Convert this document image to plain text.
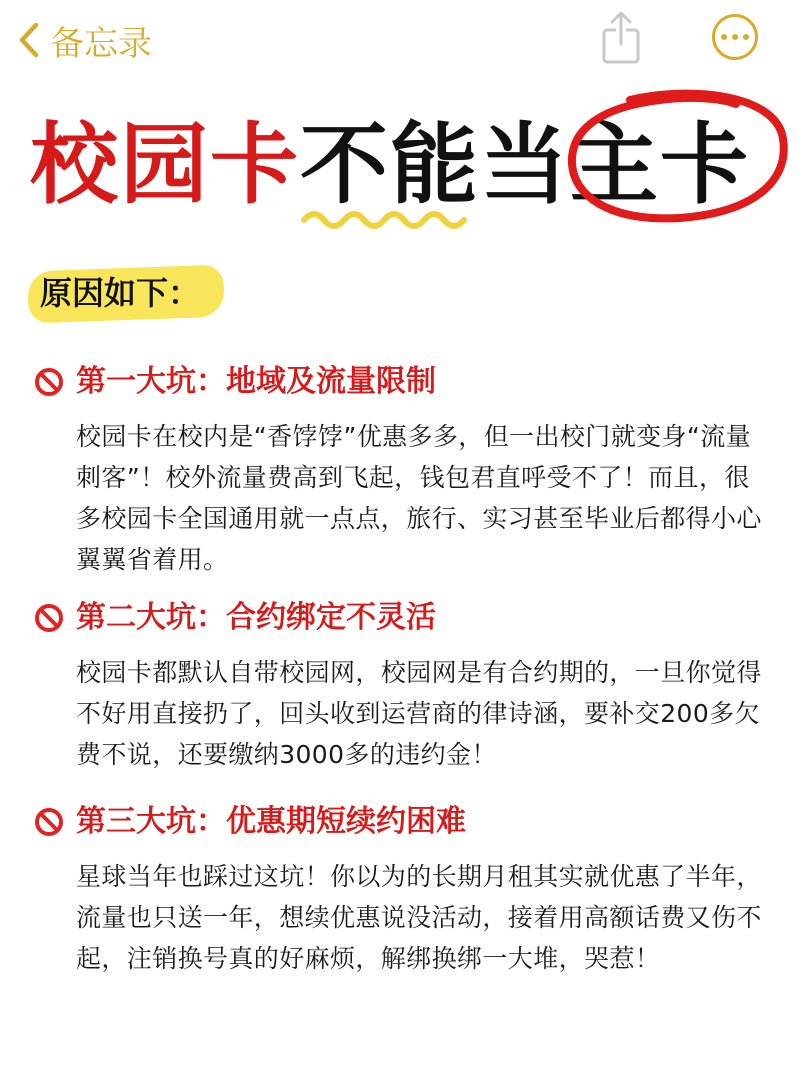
备忘录
校园卡不能当主卡
原因如下：
第一大坑：地域及流量限制
校园卡在校内是“香饽饽”优惠多多，但一出校门就变身“流量刺客”！校外流量费高到飞起，钱包君直呼受不了！而且，很多校园卡全国通用就一点点，旅行、实习甚至毕业后都得小心翼翼省着用。
第二大坑：合约绑定不灵活
校园卡都默认自带校园网，校园网是有合约期的，一旦你觉得不好用直接扔了，回头收到运营商的律诗涵，要补交200多欠费不说，还要缴纳3000多的违约金！
第三大坑：优惠期短续约困难
星球当年也踩过这坑！你以为的长期月租其实就优惠了半年，流量也只送一年，想续优惠说没活动，接着用高额话费又伤不起，注销换号真的好麻烦，解绑换绑一大堆，哭惹！
